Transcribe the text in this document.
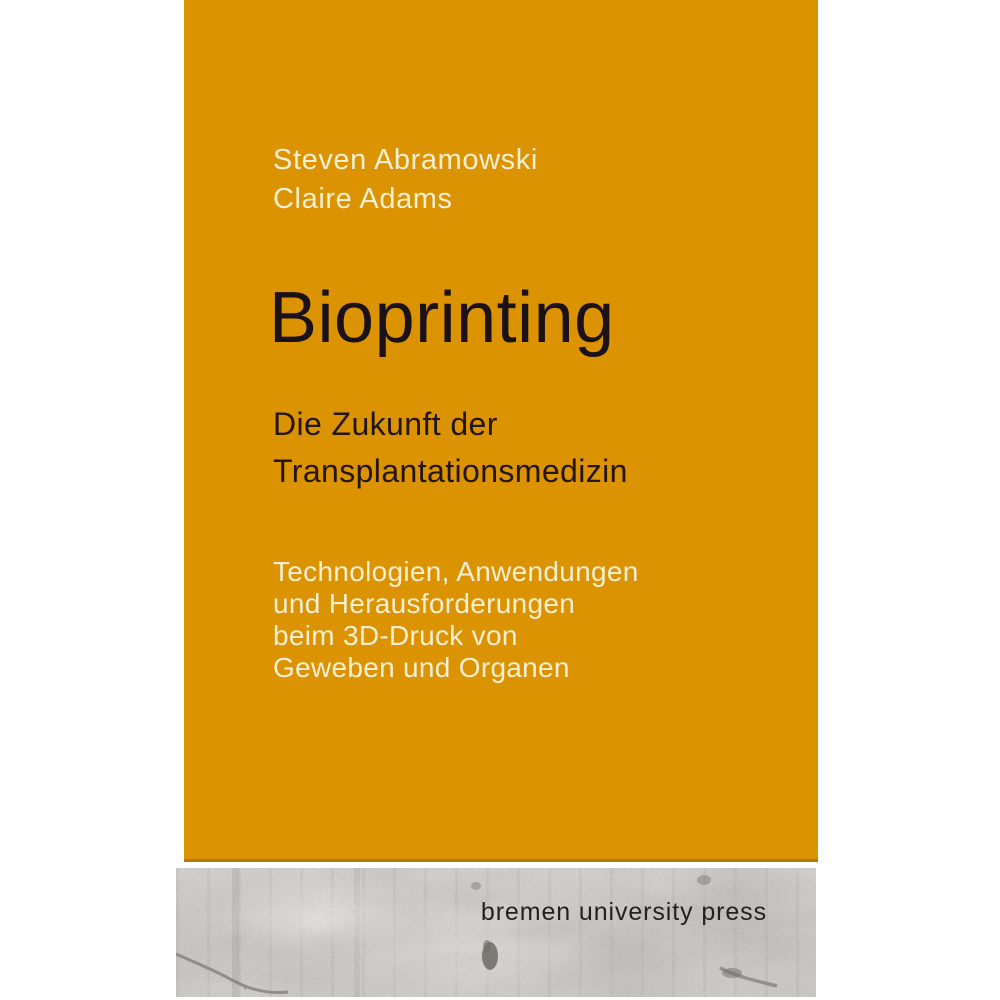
Steven Abramowski
Claire Adams
Bioprinting
Die Zukunft der
Transplantationsmedizin
Technologien, Anwendungen
und Herausforderungen
beim 3D-Druck von
Geweben und Organen
bremen university press
